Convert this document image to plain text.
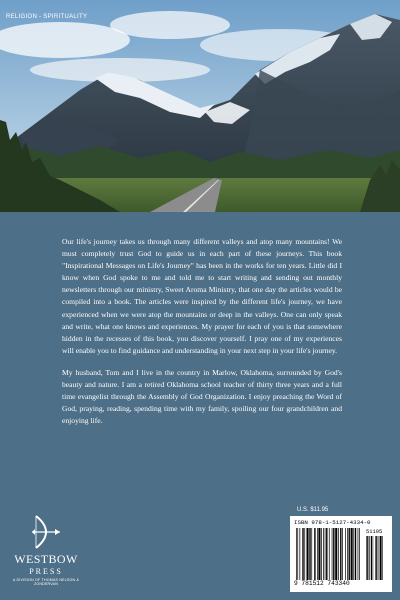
RELIGION - SPIRITUALITY

Our life's journey takes us through many different valleys and atop many mountains! We must completely trust God to guide us in each part of these journeys. This book "Inspirational Messages on Life's Journey" has been in the works for ten years. Little did I know when God spoke to me and told me to start writing and sending out monthly newsletters through our ministry, Sweet Aroma Ministry, that one day the articles would be compiled into a book. The articles were inspired by the different life's journey, we have experienced when we were atop the mountains or deep in the valleys. One can only speak and write, what one knows and experiences. My prayer for each of you is that somewhere hidden in the recesses of this book, you discover yourself. I pray one of my experiences will enable you to find guidance and understanding in your next step in your life's journey.

My husband, Tom and I live in the country in Marlow, Oklahoma, surrounded by God's beauty and nature. I am a retired Oklahoma school teacher of thirty three years and a full time evangelist through the Assembly of God Organization. I enjoy preaching the Word of God, praying, reading, spending time with my family, spoiling our four grandchildren and enjoying life.

WESTBOW
PRESS
A DIVISION OF THOMAS NELSON & ZONDERVAN
U.S. $11.95
ISBN 978-1-5127-4334-0
51195
9 781512 743340
